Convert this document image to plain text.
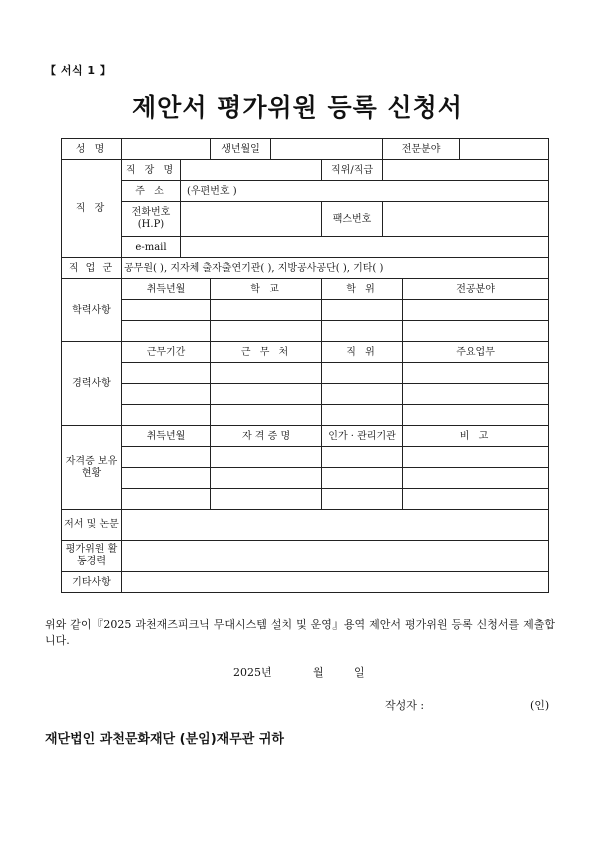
【 서식 1 】
제안서 평가위원 등록 신청서
성 명			생년월일			전문분야		
직 장	직 장 명				직위/직급			
	주 소	(우편번호 )						
	전화번호 (H.P)				팩스번호			

	e-mail							
직 업 군	공무원( ), 지자체 출자출연기관( ), 지방공사공단( ), 기타( )							
학력사항	취득년월		학 교		학 위		전공분야	

경력사항	근무기간		근 무 처		직 위		주요업무	

자격증 보유현황	취득년월		자 격 증 명		인가 · 관리기관		비 고	

저서 및 논문								
평가위원 활동경력								
기타사항								
위와 같이『2025 과천재즈피크닉 무대시스템 설치 및 운영』용역 제안서 평가위원 등록 신청서를 제출합니다.
2025년	월	일
작성자 :	(인)
재단법인 과천문화재단 (분임)재무관 귀하
